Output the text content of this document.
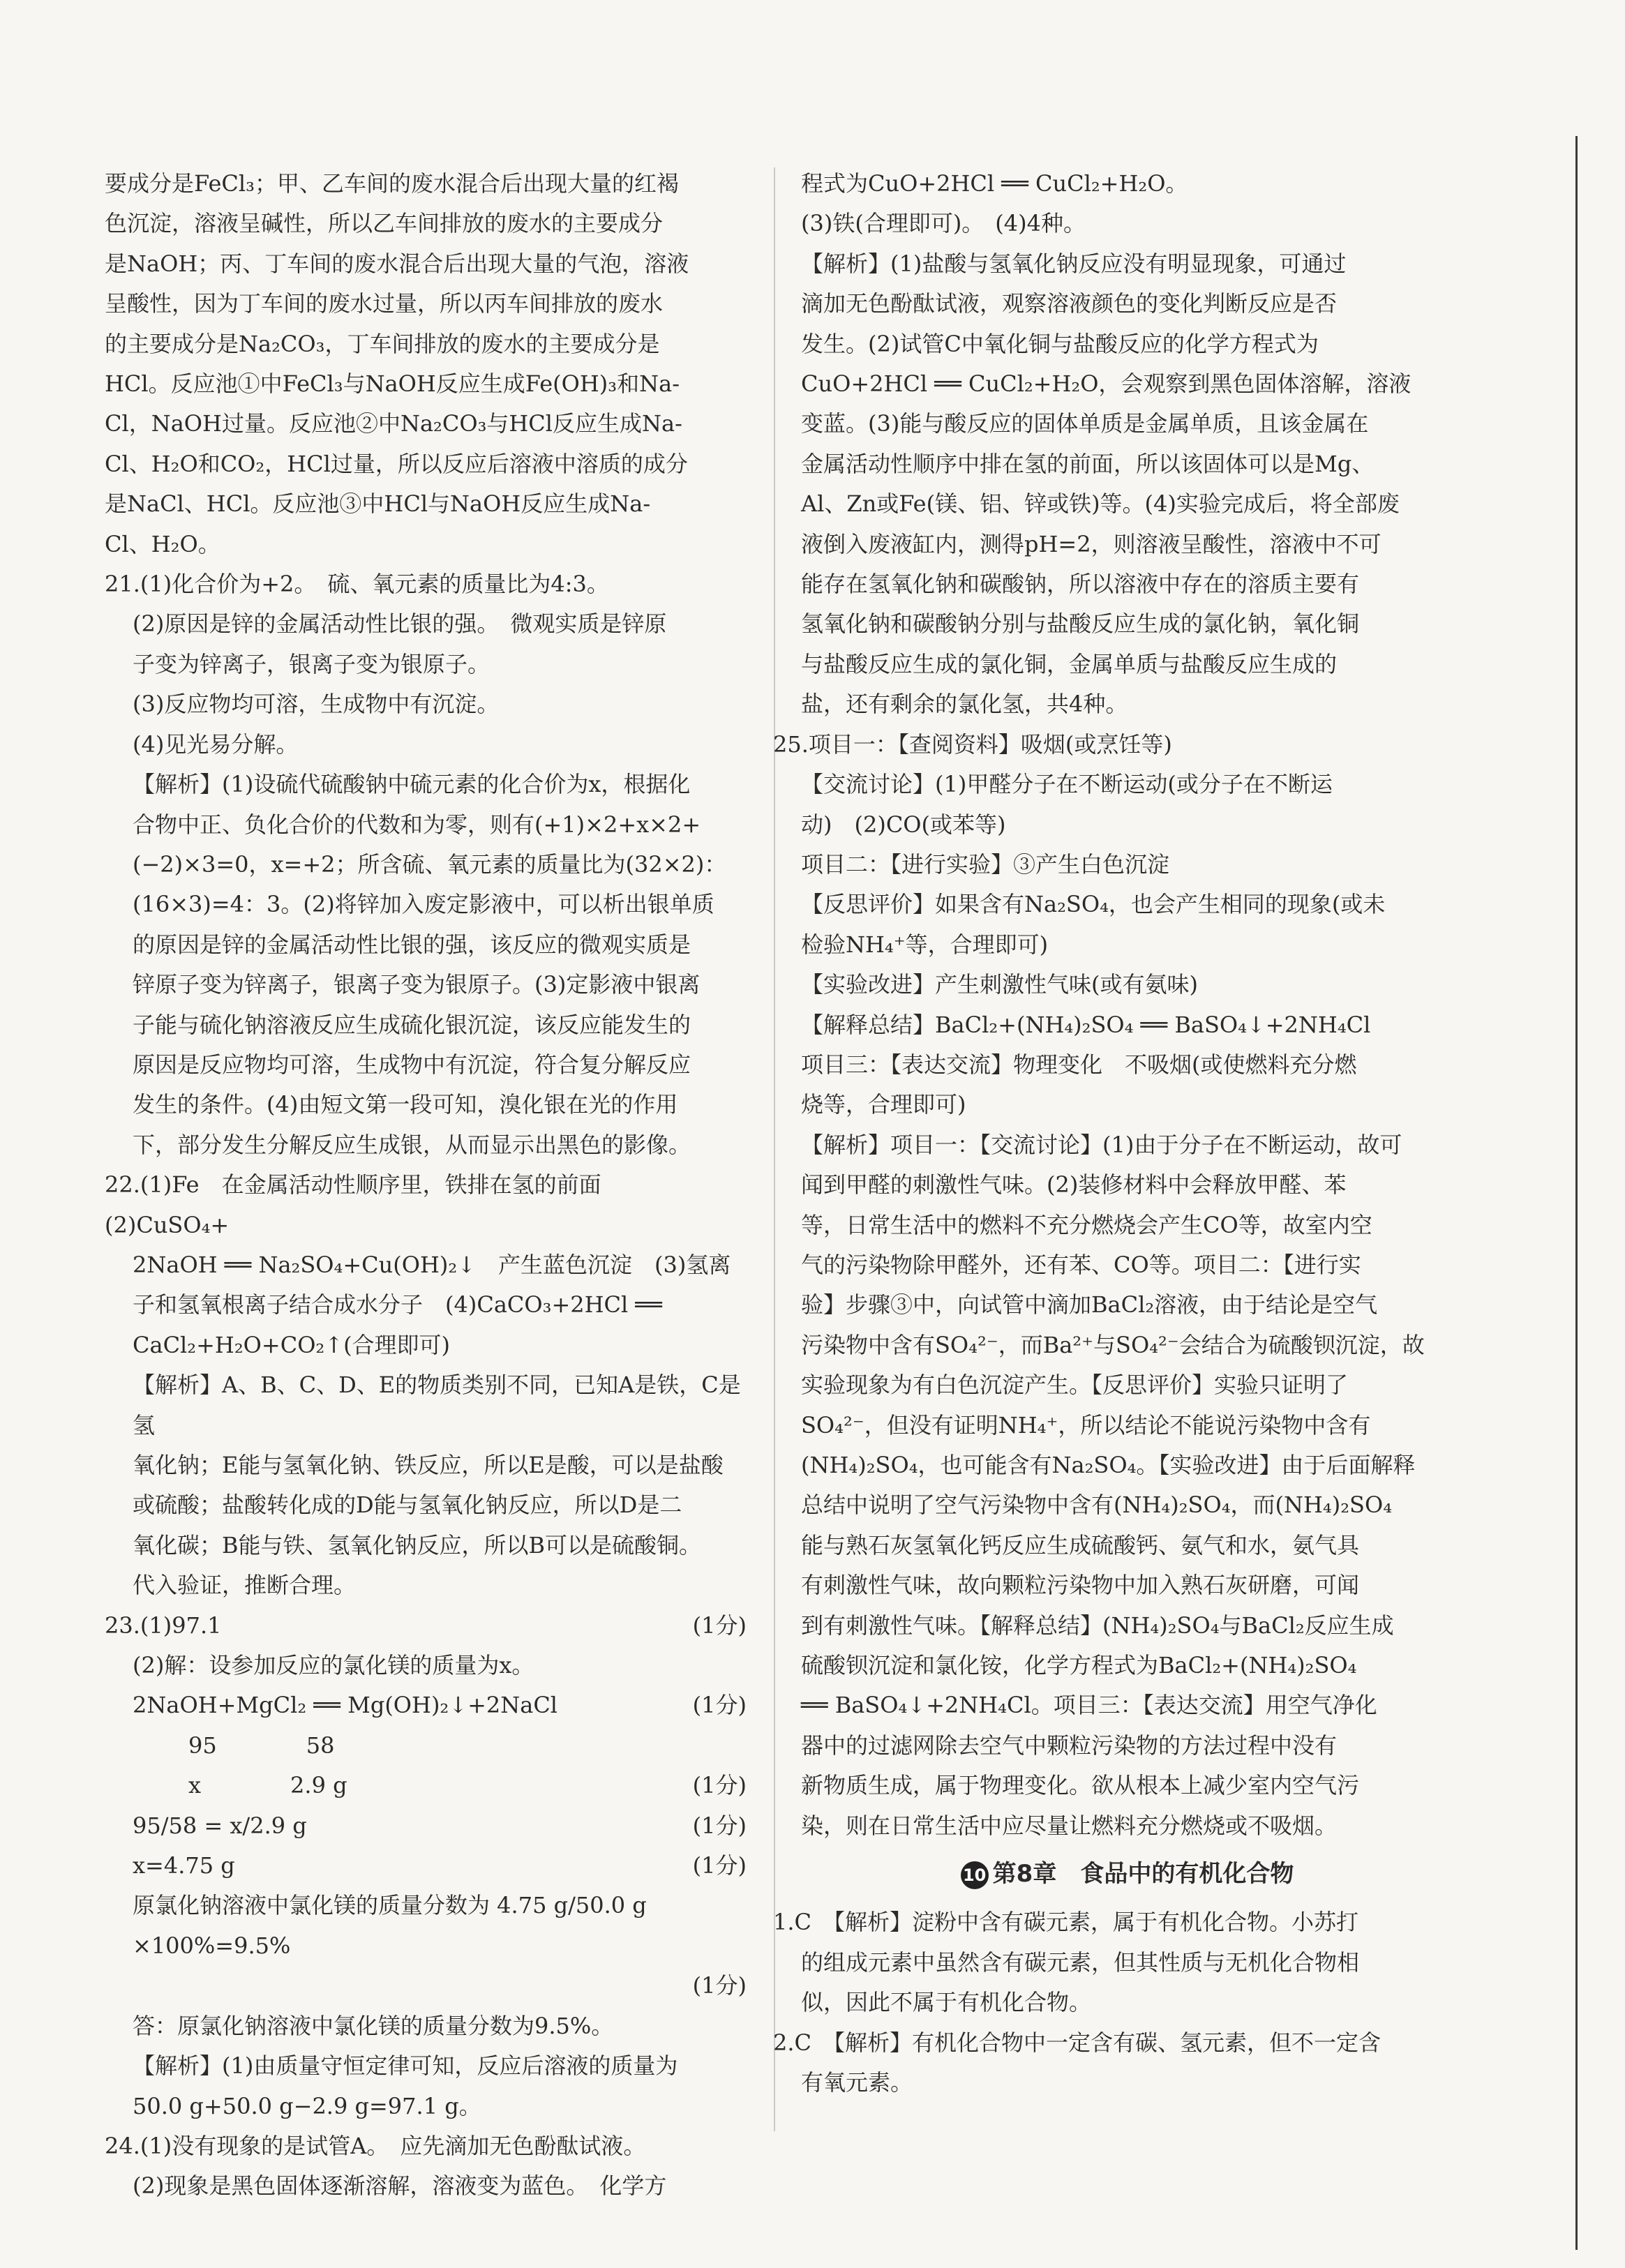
要成分是FeCl₃；甲、乙车间的废水混合后出现大量的红褐

色沉淀，溶液呈碱性，所以乙车间排放的废水的主要成分

是NaOH；丙、丁车间的废水混合后出现大量的气泡，溶液

呈酸性，因为丁车间的废水过量，所以丙车间排放的废水

的主要成分是Na₂CO₃，丁车间排放的废水的主要成分是

HCl。反应池①中FeCl₃与NaOH反应生成Fe(OH)₃和Na-

Cl，NaOH过量。反应池②中Na₂CO₃与HCl反应生成Na-

Cl、H₂O和CO₂，HCl过量，所以反应后溶液中溶质的成分

是NaCl、HCl。反应池③中HCl与NaOH反应生成Na-

Cl、H₂O。

21.(1)化合价为+2。　硫、氧元素的质量比为4:3。

(2)原因是锌的金属活动性比银的强。　微观实质是锌原

子变为锌离子，银离子变为银原子。

(3)反应物均可溶，生成物中有沉淀。

(4)见光易分解。

【解析】(1)设硫代硫酸钠中硫元素的化合价为x，根据化

合物中正、负化合价的代数和为零，则有(+1)×2+x×2+

(−2)×3=0，x=+2；所含硫、氧元素的质量比为(32×2)：

(16×3)=4：3。(2)将锌加入废定影液中，可以析出银单质

的原因是锌的金属活动性比银的强，该反应的微观实质是

锌原子变为锌离子，银离子变为银原子。(3)定影液中银离

子能与硫化钠溶液反应生成硫化银沉淀，该反应能发生的

原因是反应物均可溶，生成物中有沉淀，符合复分解反应

发生的条件。(4)由短文第一段可知，溴化银在光的作用

下，部分发生分解反应生成银，从而显示出黑色的影像。

22.(1)Fe　在金属活动性顺序里，铁排在氢的前面　(2)CuSO₄+

2NaOH ══ Na₂SO₄+Cu(OH)₂↓　产生蓝色沉淀　(3)氢离

子和氢氧根离子结合成水分子　(4)CaCO₃+2HCl ══

CaCl₂+H₂O+CO₂↑(合理即可)

【解析】A、B、C、D、E的物质类别不同，已知A是铁，C是氢

氧化钠；E能与氢氧化钠、铁反应，所以E是酸，可以是盐酸

或硫酸；盐酸转化成的D能与氢氧化钠反应，所以D是二

氧化碳；B能与铁、氢氧化钠反应，所以B可以是硫酸铜。

代入验证，推断合理。

23.(1)97.1	(1分)

(2)解：设参加反应的氯化镁的质量为x。

2NaOH+MgCl₂ ══ Mg(OH)₂↓+2NaCl	(1分)

95　　　　58

x　　　　2.9 g	(1分)

95/58 = x/2.9 g	(1分)

x=4.75 g	(1分)

原氯化钠溶液中氯化镁的质量分数为 4.75 g/50.0 g ×100%=9.5%

(1分)

答：原氯化钠溶液中氯化镁的质量分数为9.5%。

【解析】(1)由质量守恒定律可知，反应后溶液的质量为

50.0 g+50.0 g−2.9 g=97.1 g。

24.(1)没有现象的是试管A。　应先滴加无色酚酞试液。

(2)现象是黑色固体逐渐溶解，溶液变为蓝色。　化学方

程式为CuO+2HCl ══ CuCl₂+H₂O。

(3)铁(合理即可)。　(4)4种。

【解析】(1)盐酸与氢氧化钠反应没有明显现象，可通过

滴加无色酚酞试液，观察溶液颜色的变化判断反应是否

发生。(2)试管C中氧化铜与盐酸反应的化学方程式为

CuO+2HCl ══ CuCl₂+H₂O，会观察到黑色固体溶解，溶液

变蓝。(3)能与酸反应的固体单质是金属单质，且该金属在

金属活动性顺序中排在氢的前面，所以该固体可以是Mg、

Al、Zn或Fe(镁、铝、锌或铁)等。(4)实验完成后，将全部废

液倒入废液缸内，测得pH=2，则溶液呈酸性，溶液中不可

能存在氢氧化钠和碳酸钠，所以溶液中存在的溶质主要有

氢氧化钠和碳酸钠分别与盐酸反应生成的氯化钠，氧化铜

与盐酸反应生成的氯化铜，金属单质与盐酸反应生成的

盐，还有剩余的氯化氢，共4种。

25.项目一：【查阅资料】吸烟(或烹饪等)

【交流讨论】(1)甲醛分子在不断运动(或分子在不断运

动)　(2)CO(或苯等)

项目二：【进行实验】③产生白色沉淀

【反思评价】如果含有Na₂SO₄，也会产生相同的现象(或未

检验NH₄⁺等，合理即可)

【实验改进】产生刺激性气味(或有氨味)

【解释总结】BaCl₂+(NH₄)₂SO₄ ══ BaSO₄↓+2NH₄Cl

项目三：【表达交流】物理变化　不吸烟(或使燃料充分燃

烧等，合理即可)

【解析】项目一：【交流讨论】(1)由于分子在不断运动，故可

闻到甲醛的刺激性气味。(2)装修材料中会释放甲醛、苯

等，日常生活中的燃料不充分燃烧会产生CO等，故室内空

气的污染物除甲醛外，还有苯、CO等。项目二：【进行实

验】步骤③中，向试管中滴加BaCl₂溶液，由于结论是空气

污染物中含有SO₄²⁻，而Ba²⁺与SO₄²⁻会结合为硫酸钡沉淀，故

实验现象为有白色沉淀产生。【反思评价】实验只证明了

SO₄²⁻，但没有证明NH₄⁺，所以结论不能说污染物中含有

(NH₄)₂SO₄，也可能含有Na₂SO₄。【实验改进】由于后面解释

总结中说明了空气污染物中含有(NH₄)₂SO₄，而(NH₄)₂SO₄

能与熟石灰氢氧化钙反应生成硫酸钙、氨气和水，氨气具

有刺激性气味，故向颗粒污染物中加入熟石灰研磨，可闻

到有刺激性气味。【解释总结】(NH₄)₂SO₄与BaCl₂反应生成

硫酸钡沉淀和氯化铵，化学方程式为BaCl₂+(NH₄)₂SO₄

══ BaSO₄↓+2NH₄Cl。项目三：【表达交流】用空气净化

器中的过滤网除去空气中颗粒污染物的方法过程中没有

新物质生成，属于物理变化。欲从根本上减少室内空气污

染，则在日常生活中应尽量让燃料充分燃烧或不吸烟。

10 第8章　食品中的有机化合物

1.C　【解析】淀粉中含有碳元素，属于有机化合物。小苏打

的组成元素中虽然含有碳元素，但其性质与无机化合物相

似，因此不属于有机化合物。

2.C　【解析】有机化合物中一定含有碳、氢元素，但不一定含

有氧元素。
